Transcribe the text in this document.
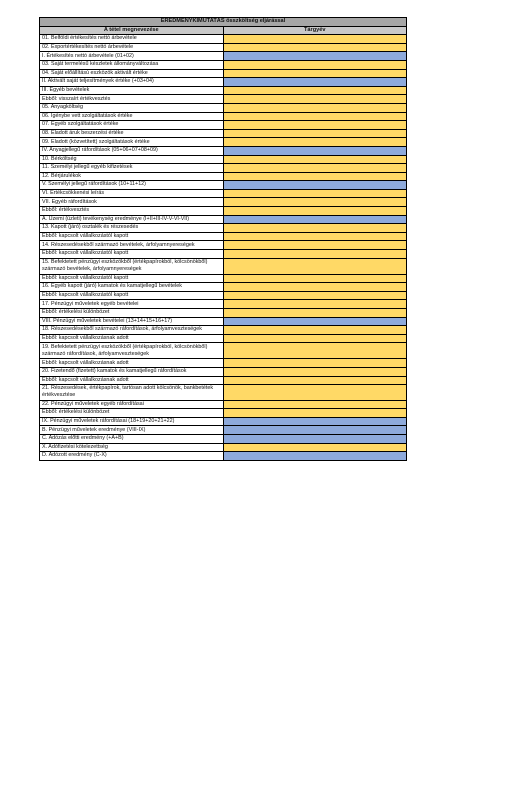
EREDMÉNYKIMUTATÁS összköltség eljárással	
A tétel megnevezése	Tárgyév
01. Belföldi értékesítés nettó árbevétele	
02. Exportértékesítés nettó árbevétele	
I. Értékesítés nettó árbevétele (01+02)	
03. Saját termelésű készletek állományváltozása	
04. Saját előállítású eszközök aktivált értéke	
II. Aktivált saját teljesítmények értéke (+03+04)	
III. Egyéb bevételek	
Ebből: visszaírt értékvesztés	
05. Anyagköltség	
06. Igénybe vett szolgáltatások értéke	
07. Egyéb szolgáltatások értéke	
08. Eladott áruk beszerzési értéke	
09. Eladott (közvetített) szolgáltatások értéke	
IV. Anyagjellegű ráfordítások (05+06+07+08+09)	
10. Bérköltség	
11. Személyi jellegű egyéb kifizetések	
12. Bérjárulékok	
V. Személyi jellegű ráfordítások (10+11+12)	
VI. Értékcsökkenési leírás	
VII. Egyéb ráfordítások	
Ebből: értékvesztés	
A. Üzemi (üzleti) tevékenység eredménye (I+II+III-IV-V-VI-VII)	
13. Kapott (járó) osztalék és részesedés	
Ebből: kapcsolt vállalkozástól kapott	
14. Részesedésekből származó bevételek, árfolyamnyereségek	
Ebből: kapcsolt vállalkozástól kapott	
15. Befektetett pénzügyi eszközökből (értékpapírokból, kölcsönökből) származó bevételek, árfolyamnyereségek	
Ebből: kapcsolt vállalkozástól kapott	
16. Egyéb kapott (járó) kamatok és kamatjellegű bevételek	
Ebből: kapcsolt vállalkozástól kapott	
17. Pénzügyi műveletek egyéb bevételei	
Ebből: értékelési különbözet	
VIII. Pénzügyi műveletek bevételei (13+14+15+16+17)	
18. Részesedésekből származó ráfordítások, árfolyamveszteségek	
Ebből: kapcsolt vállalkozásnak adott	
19. Befektetett pénzügyi eszközökből (értékpapírokból, kölcsönökből) származó ráfordítások, árfolyamveszteségek	
Ebből: kapcsolt vállalkozásnak adott	
20. Fizetendő (fizetett) kamatok és kamatjellegű ráfordítások	
Ebből: kapcsolt vállalkozásnak adott	
21. Részesedések, értékpapírok, tartósan adott kölcsönök, bankbetétek értékvesztése	
22. Pénzügyi műveletek egyéb ráfordításai	
Ebből: értékelési különbözet	
IX. Pénzügyi műveletek ráfordításai (18+19+20+21+22)	
B. Pénzügyi műveletek eredménye (VIII-IX)	
C. Adózás előtti eredmény (+A+B)	
X. Adófizetési kötelezettség	
D. Adózott eredmény (C-X)	
